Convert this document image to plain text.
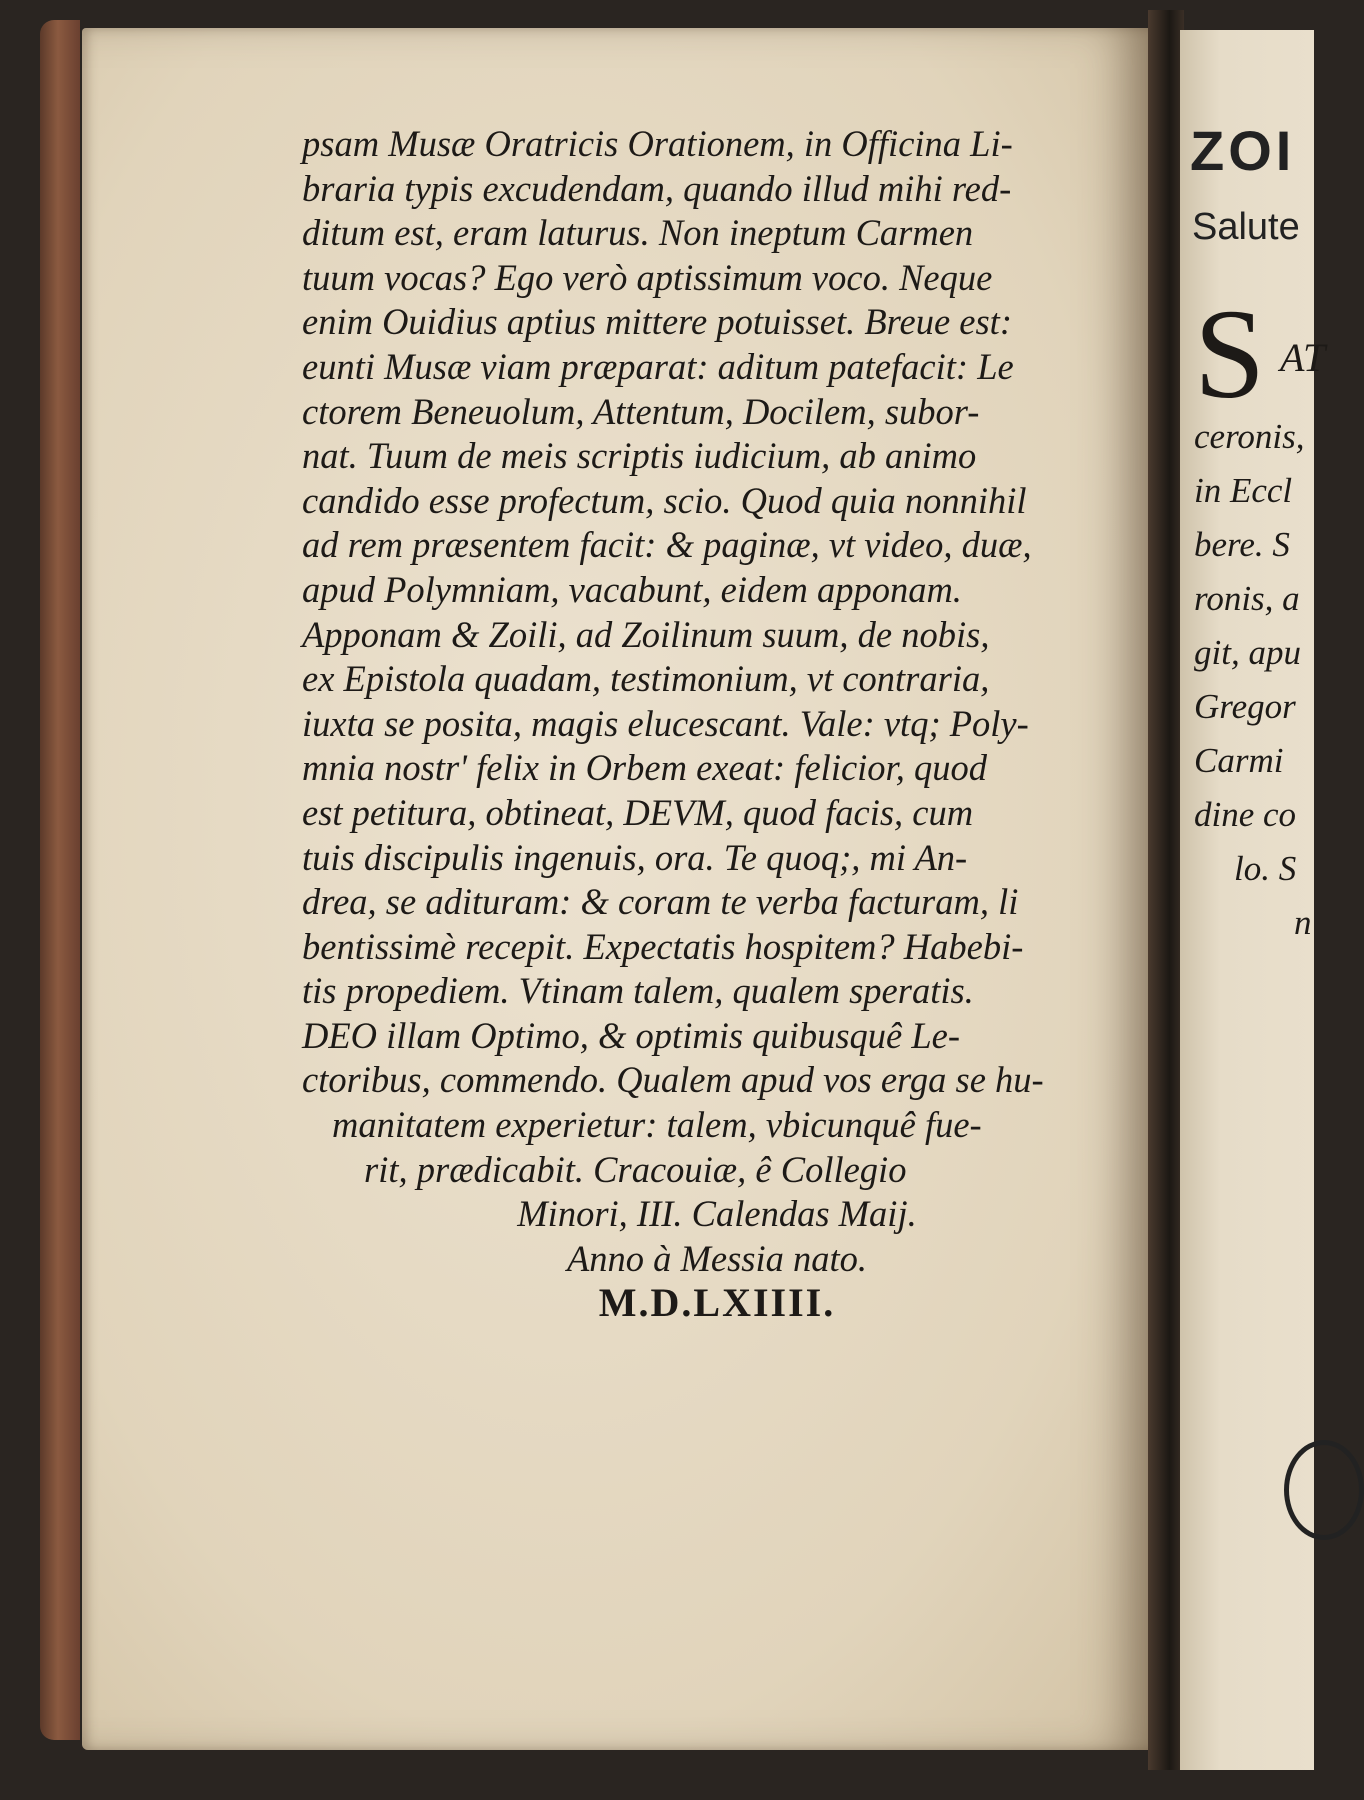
psam Musæ Oratricis Orationem, in Officina Li-
braria typis excudendam, quando illud mihi red-
ditum est, eram laturus. Non ineptum Carmen
tuum vocas? Ego verò aptissimum voco. Neque
enim Ouidius aptius mittere potuisset. Breue est:
eunti Musæ viam præparat: aditum patefacit: Le
ctorem Beneuolum, Attentum, Docilem, subor-
nat. Tuum de meis scriptis iudicium, ab animo
candido esse profectum, scio. Quod quia nonnihil
ad rem præsentem facit: & paginæ, vt video, duæ,
apud Polymniam, vacabunt, eidem apponam.
Apponam & Zoili, ad Zoilinum suum, de nobis,
ex Epistola quadam, testimonium, vt contraria,
iuxta se posita, magis elucescant. Vale: vtq; Poly-
mnia nostr' felix in Orbem exeat: felicior, quod
est petitura, obtineat, DEVM, quod facis, cum
tuis discipulis ingenuis, ora. Te quoq;, mi An-
drea, se adituram: & coram te verba facturam, li
bentissimè recepit. Expectatis hospitem? Habebi-
tis propediem. Vtinam talem, qualem speratis.
DEO illam Optimo, & optimis quibusquê Le-
ctoribus, commendo. Qualem apud vos erga se hu-
manitatem experietur: talem, vbicunquê fue-
rit, prædicabit. Cracouiæ, ê Collegio
Minori, III. Calendas Maij.
Anno à Messia nato.
M.D.LXIIII.
ZOI
Salute
S AT
ceronis,
in Eccl
bere. S
ronis, a
git, apu
Gregor
Carmi
dine co
lo. S
n
